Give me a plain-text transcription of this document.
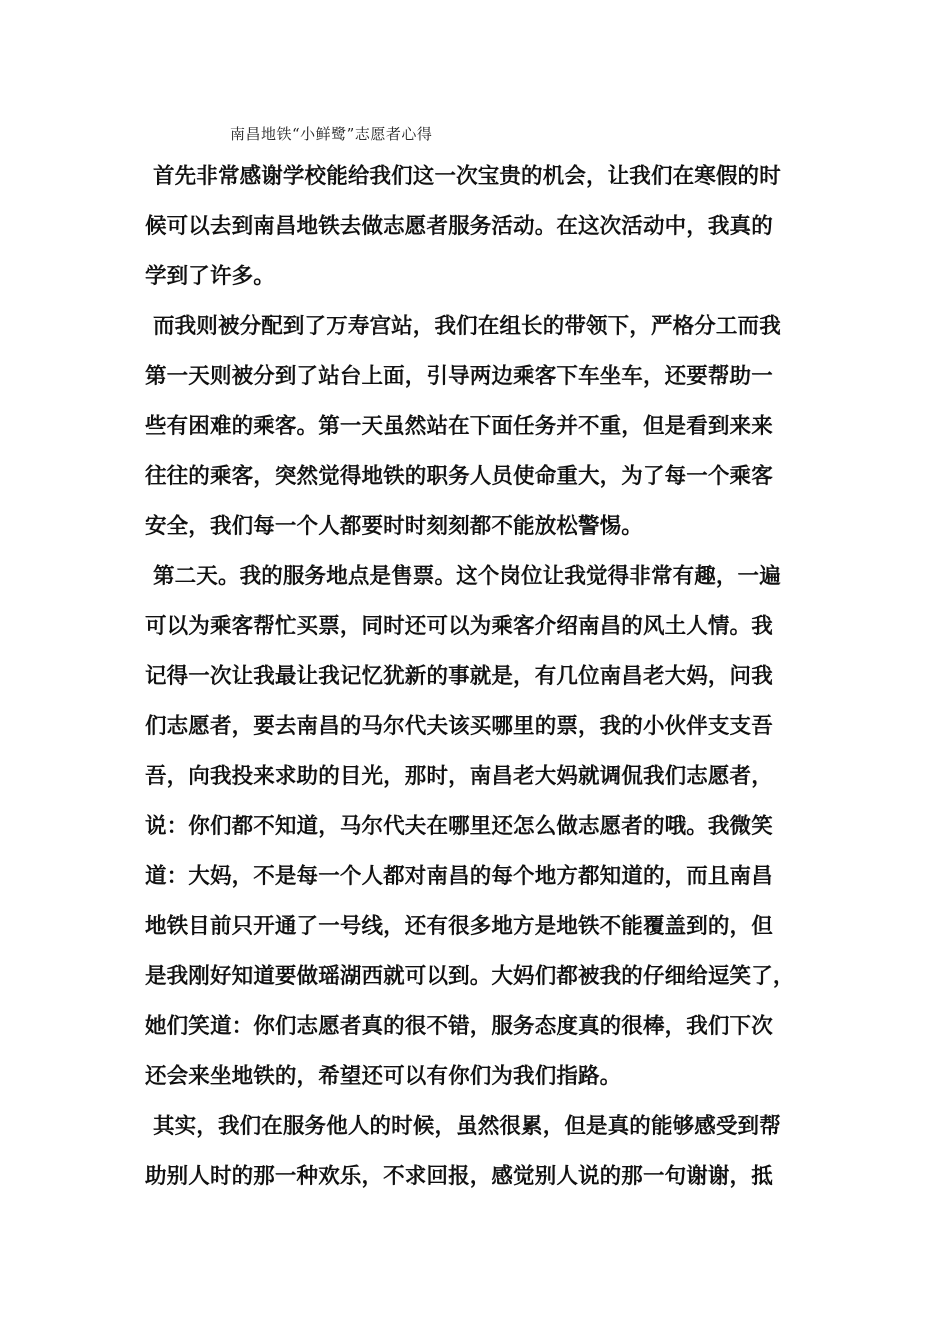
南昌地铁“小鲜鹭”志愿者心得
首先非常感谢学校能给我们这一次宝贵的机会，让我们在寒假的时
候可以去到南昌地铁去做志愿者服务活动。在这次活动中，我真的
学到了许多。
而我则被分配到了万寿宫站，我们在组长的带领下，严格分工而我
第一天则被分到了站台上面，引导两边乘客下车坐车，还要帮助一
些有困难的乘客。第一天虽然站在下面任务并不重，但是看到来来
往往的乘客，突然觉得地铁的职务人员使命重大，为了每一个乘客
安全，我们每一个人都要时时刻刻都不能放松警惕。
第二天。我的服务地点是售票。这个岗位让我觉得非常有趣，一遍
可以为乘客帮忙买票，同时还可以为乘客介绍南昌的风土人情。我
记得一次让我最让我记忆犹新的事就是，有几位南昌老大妈，问我
们志愿者，要去南昌的马尔代夫该买哪里的票，我的小伙伴支支吾
吾，向我投来求助的目光，那时，南昌老大妈就调侃我们志愿者，
说：你们都不知道，马尔代夫在哪里还怎么做志愿者的哦。我微笑
道：大妈，不是每一个人都对南昌的每个地方都知道的，而且南昌
地铁目前只开通了一号线，还有很多地方是地铁不能覆盖到的，但
是我刚好知道要做瑶湖西就可以到。大妈们都被我的仔细给逗笑了，
她们笑道：你们志愿者真的很不错，服务态度真的很棒，我们下次
还会来坐地铁的，希望还可以有你们为我们指路。
其实，我们在服务他人的时候，虽然很累，但是真的能够感受到帮
助别人时的那一种欢乐，不求回报，感觉别人说的那一句谢谢，抵
